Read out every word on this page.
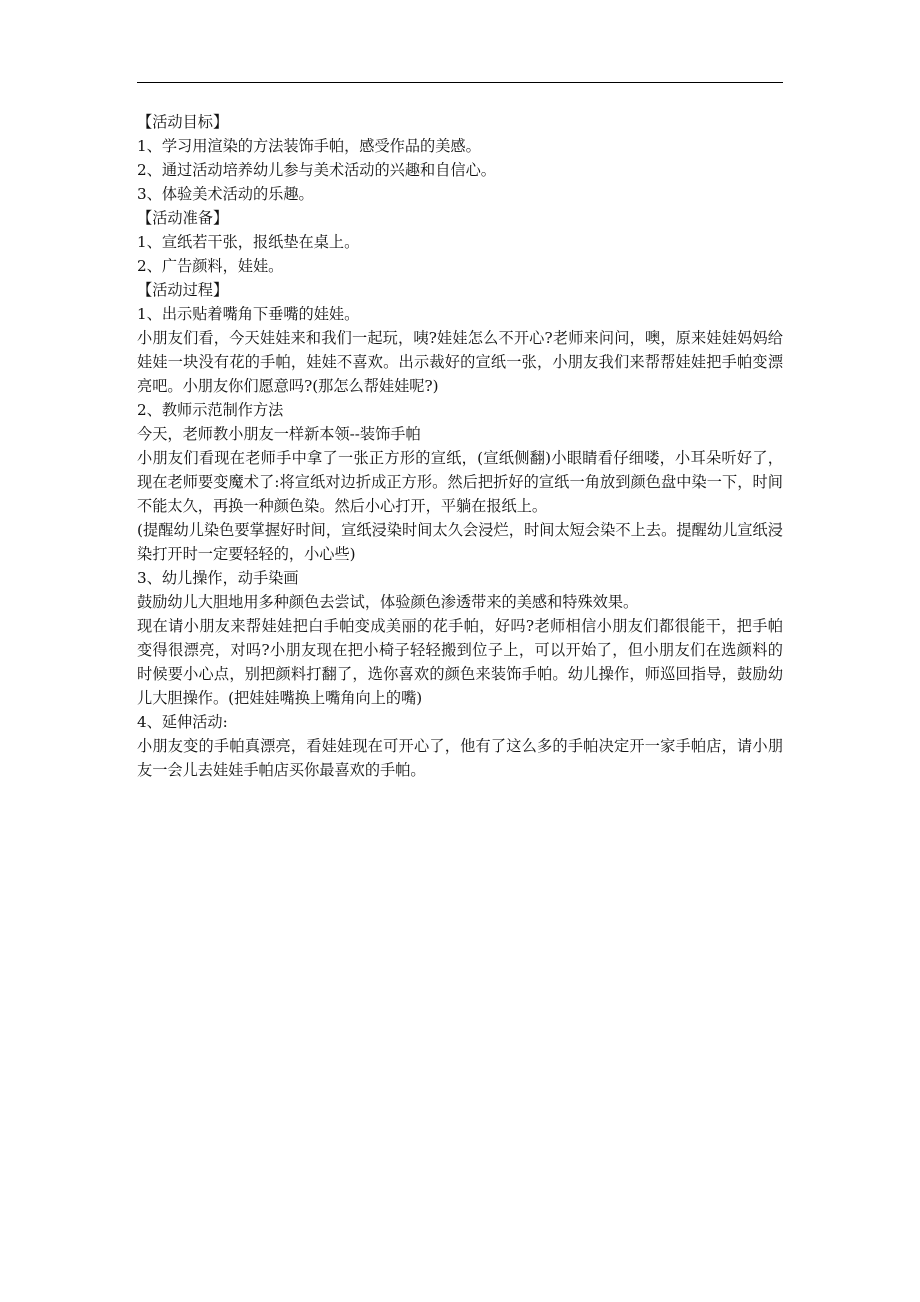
【活动目标】
1、学习用渲染的方法装饰手帕，感受作品的美感。
2、通过活动培养幼儿参与美术活动的兴趣和自信心。
3、体验美术活动的乐趣。
【活动准备】
1、宣纸若干张，报纸垫在桌上。
2、广告颜料，娃娃。
【活动过程】
1、出示贴着嘴角下垂嘴的娃娃。
小朋友们看，今天娃娃来和我们一起玩，咦?娃娃怎么不开心?老师来问问，噢，原来娃娃妈妈给娃娃一块没有花的手帕，娃娃不喜欢。出示裁好的宣纸一张，小朋友我们来帮帮娃娃把手帕变漂亮吧。小朋友你们愿意吗?(那怎么帮娃娃呢?)
2、教师示范制作方法
今天，老师教小朋友一样新本领--装饰手帕
小朋友们看现在老师手中拿了一张正方形的宣纸，(宣纸侧翻)小眼睛看仔细喽，小耳朵听好了，现在老师要变魔术了:将宣纸对边折成正方形。然后把折好的宣纸一角放到颜色盘中染一下，时间不能太久，再换一种颜色染。然后小心打开，平躺在报纸上。
(提醒幼儿染色要掌握好时间，宣纸浸染时间太久会浸烂，时间太短会染不上去。提醒幼儿宣纸浸染打开时一定要轻轻的，小心些)
3、幼儿操作，动手染画
鼓励幼儿大胆地用多种颜色去尝试，体验颜色渗透带来的美感和特殊效果。
现在请小朋友来帮娃娃把白手帕变成美丽的花手帕，好吗?老师相信小朋友们都很能干，把手帕变得很漂亮，对吗?小朋友现在把小椅子轻轻搬到位子上，可以开始了，但小朋友们在选颜料的时候要小心点，别把颜料打翻了，选你喜欢的颜色来装饰手帕。幼儿操作，师巡回指导，鼓励幼儿大胆操作。(把娃娃嘴换上嘴角向上的嘴)
4、延伸活动:
小朋友变的手帕真漂亮，看娃娃现在可开心了，他有了这么多的手帕决定开一家手帕店，请小朋友一会儿去娃娃手帕店买你最喜欢的手帕。
